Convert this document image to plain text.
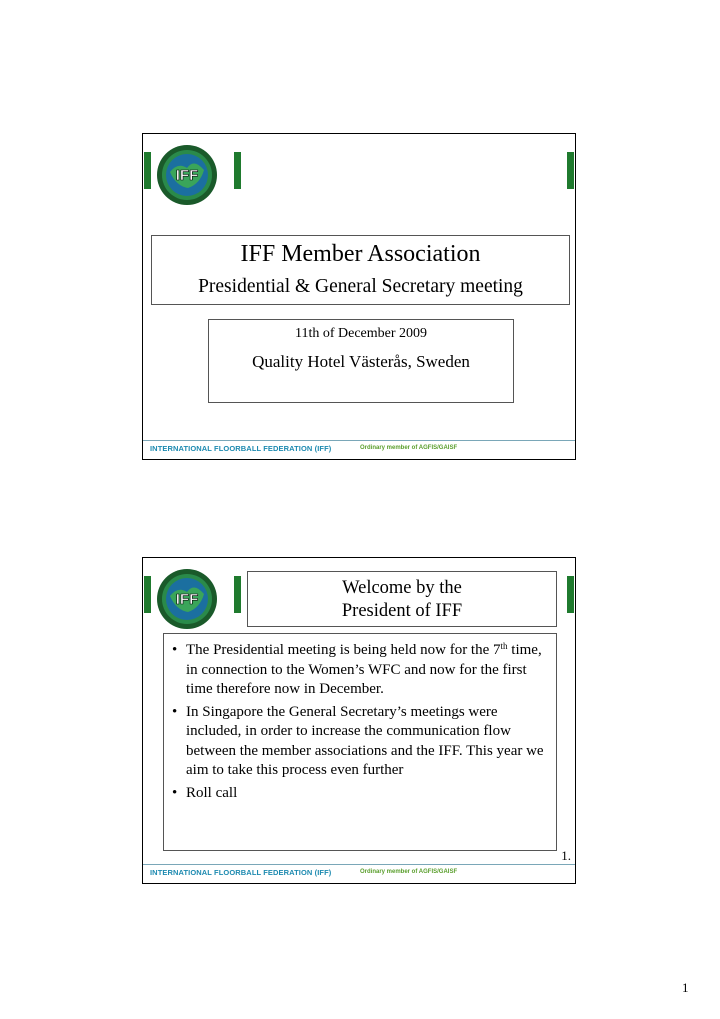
IFF
IFF Member Association
Presidential & General Secretary meeting
11th of December 2009
Quality Hotel Västerås, Sweden
INTERNATIONAL FLOORBALL FEDERATION (IFF)	Ordinary member of AGFIS/GAISF
IFF
Welcome by the
President of IFF
• The Presidential meeting is being held now for the 7th time, in connection to the Women’s WFC and now for the first time therefore now in December.
• In Singapore the General Secretary’s meetings were included, in order to increase the communication flow between the member associations and the IFF. This year we aim to take this process even further
• Roll call
1.
INTERNATIONAL FLOORBALL FEDERATION (IFF)	Ordinary member of AGFIS/GAISF
1
